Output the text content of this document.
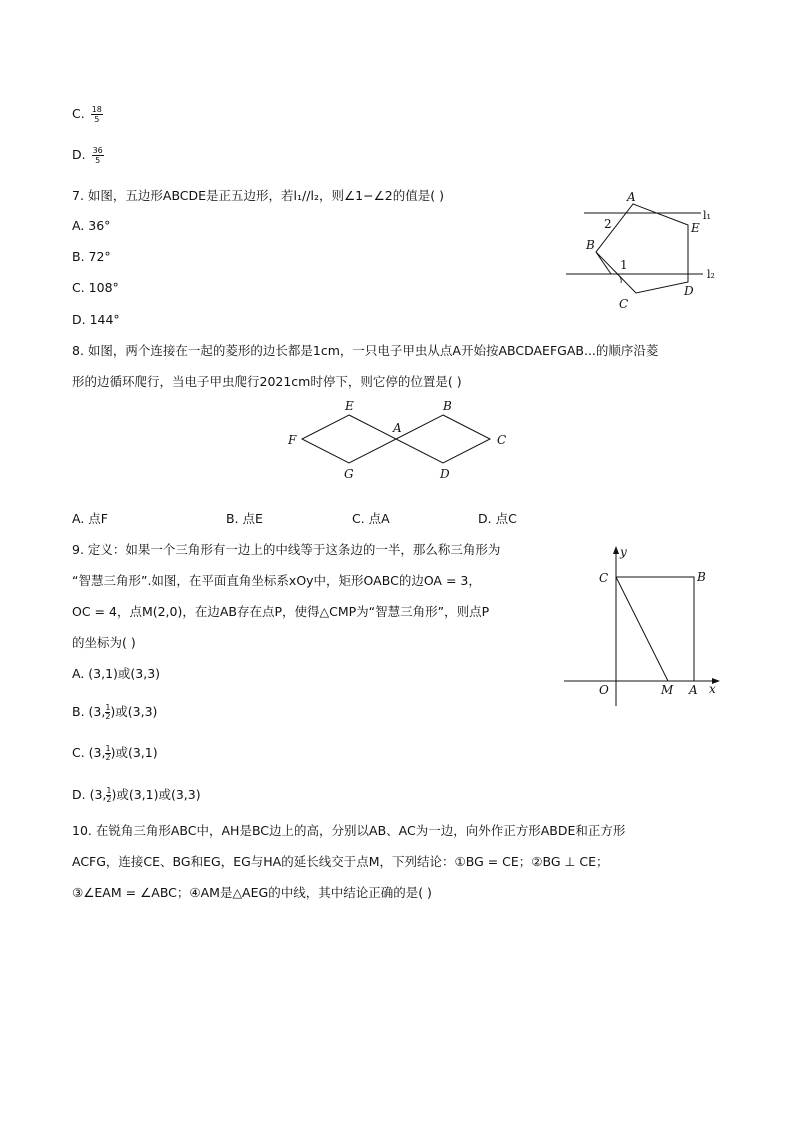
C. $\frac{18}{5}$
D. $\frac{36}{5}$
7. 如图，五边形ABCDE是正五边形，若l₁//l₂，则∠1−∠2的值是( )
A. 36°
B. 72°
C. 108°
D. 144°
A
E
B
C
D
1
2
l₁
l₂
8. 如图，两个连接在一起的菱形的边长都是1cm，一只电子甲虫从点A开始按ABCDAEFGAB...的顺序沿菱
形的边循环爬行，当电子甲虫爬行2021cm时停下，则它停的位置是( )
E	B
F
A
C
G	D
A. 点F	B. 点E	C. 点A	D. 点C
9. 定义：如果一个三角形有一边上的中线等于这条边的一半，那么称三角形为
“智慧三角形”.如图，在平面直角坐标系xOy中，矩形OABC的边OA = 3，
OC = 4，点M(2,0)，在边AB存在点P，使得△CMP为“智慧三角形”，则点P
的坐标为( )
A. (3,1)或(3,3)
B. (3, $\frac{1}{2}$ )或(3,3)
C. (3, $\frac{1}{2}$ )或(3,1)
D. (3, $\frac{1}{2}$ )或(3,1)或(3,3)
y
C	B
O	M A x
10. 在锐角三角形ABC中，AH是BC边上的高，分别以AB、AC为一边，向外作正方形ABDE和正方形
ACFG，连接CE、BG和EG，EG与HA的延长线交于点M，下列结论：①BG = CE；②BG ⊥ CE；
③∠EAM = ∠ABC；④AM是△AEG的中线，其中结论正确的是( )
